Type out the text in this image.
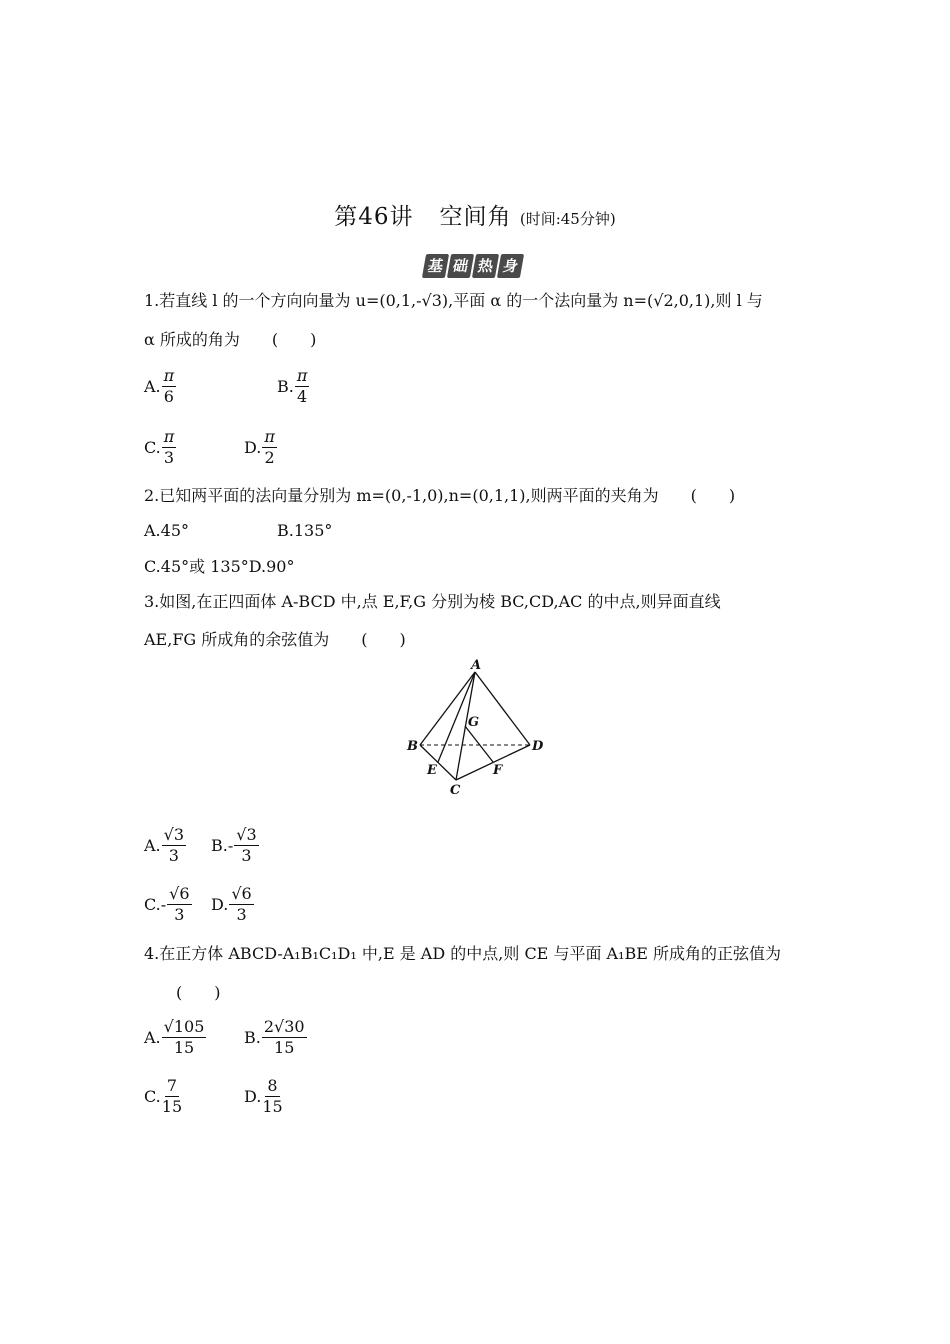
第46讲 空间角 (时间:45分钟)
基 础 热 身
1.若直线 l 的一个方向向量为 u=(0,1,-√3),平面 α 的一个法向量为 n=(√2,0,1),则 l 与
α 所成的角为　　(　　)
A. $\frac{\pi}{6}$	B. $\frac{\pi}{4}$
C. $\frac{\pi}{3}$	D. $\frac{\pi}{2}$
2.已知两平面的法向量分别为 m=(0,-1,0),n=(0,1,1),则两平面的夹角为　　(　　)
A.45°	B.135°
C.45°或 135°D.90°
3.如图,在正四面体 A-BCD 中,点 E,F,G 分别为棱 BC,CD,AC 的中点,则异面直线
AE,FG 所成角的余弦值为　　(　　)
A
B
C
D
E	F
G
A. $\frac{√3}{3} B.- \frac{√3}{3}$
$C.- \frac{√6}{3} D$. $\frac{√6}{3}$
4.在正方体 ABCD-A₁B₁C₁D₁ 中,E 是 AD 的中点,则 CE 与平面 A₁BE 所成角的正弦值为
(　　)
A. $\frac{√105}{15} B$. $\frac{2√30}{15}$
C. $\frac{7}{15}$	D. $\frac{8}{15}$
